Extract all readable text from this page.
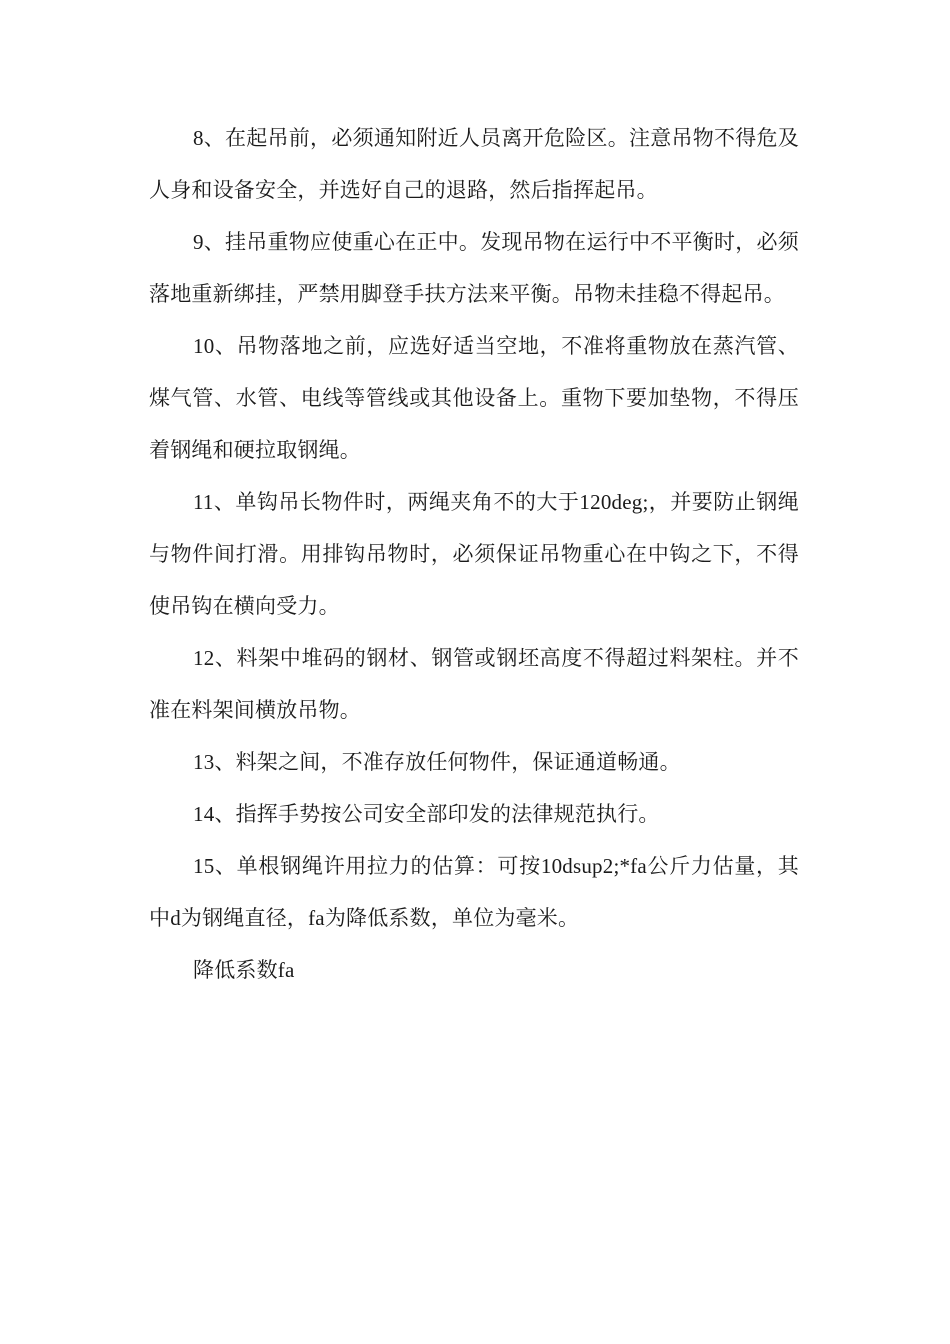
8、在起吊前，必须通知附近人员离开危险区。注意吊物不得危及人身和设备安全，并选好自己的退路，然后指挥起吊。

9、挂吊重物应使重心在正中。发现吊物在运行中不平衡时，必须落地重新绑挂，严禁用脚登手扶方法来平衡。吊物未挂稳不得起吊。

10、吊物落地之前，应选好适当空地，不准将重物放在蒸汽管、煤气管、水管、电线等管线或其他设备上。重物下要加垫物，不得压着钢绳和硬拉取钢绳。

11、单钩吊长物件时，两绳夹角不的大于120deg;，并要防止钢绳与物件间打滑。用排钩吊物时，必须保证吊物重心在中钩之下，不得使吊钩在横向受力。

12、料架中堆码的钢材、钢管或钢坯高度不得超过料架柱。并不准在料架间横放吊物。

13、料架之间，不准存放任何物件，保证通道畅通。

14、指挥手势按公司安全部印发的法律规范执行。

15、单根钢绳许用拉力的估算：可按10dsup2;*fa公斤力估量，其中d为钢绳直径，fa为降低系数，单位为毫米。

降低系数fa
